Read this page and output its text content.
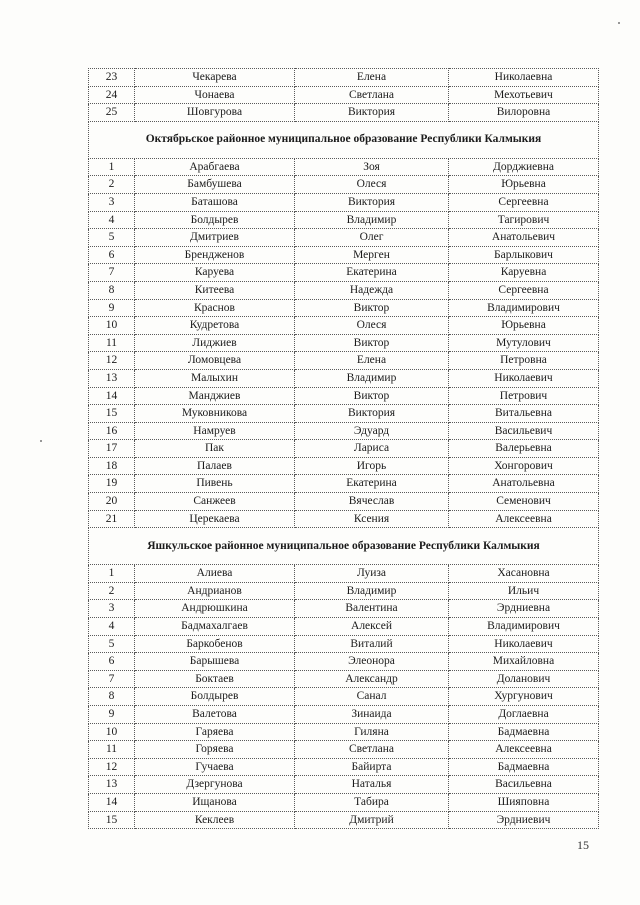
23	Чекарева	Елена	Николаевна
24	Чонаева	Светлана	Мехотьевич
25	Шовгурова	Виктория	Вилоровна
Октябрьское районное муниципальное образование Республики Калмыкия			
1	Арабгаева	Зоя	Дорджиевна
2	Бамбушева	Олеся	Юрьевна
3	Баташова	Виктория	Сергеевна
4	Болдырев	Владимир	Тагирович
5	Дмитриев	Олег	Анатольевич
6	Брендженов	Мерген	Барлыкович
7	Каруева	Екатерина	Каруевна
8	Китеева	Надежда	Сергеевна
9	Краснов	Виктор	Владимирович
10	Кудретова	Олеся	Юрьевна
11	Лиджиев	Виктор	Мутулович
12	Ломовцева	Елена	Петровна
13	Малыхин	Владимир	Николаевич
14	Манджиев	Виктор	Петрович
15	Муковникова	Виктория	Витальевна
16	Намруев	Эдуард	Васильевич
17	Пак	Лариса	Валерьевна
18	Палаев	Игорь	Хонгорович
19	Пивень	Екатерина	Анатольевна
20	Санжеев	Вячеслав	Семенович
21	Церекаева	Ксения	Алексеевна
Яшкульское районное муниципальное образование Республики Калмыкия			
1	Алиева	Луиза	Хасановна
2	Андрианов	Владимир	Ильич
3	Андрюшкина	Валентина	Эрдниевна
4	Бадмахалгаев	Алексей	Владимирович
5	Баркобенов	Виталий	Николаевич
6	Барышева	Элеонора	Михайловна
7	Боктаев	Александр	Доланович
8	Болдырев	Санал	Хургунович
9	Валетова	Зинаида	Доглаевна
10	Гаряева	Гиляна	Бадмаевна
11	Горяева	Светлана	Алексеевна
12	Гучаева	Байирта	Бадмаевна
13	Дзергунова	Наталья	Васильевна
14	Ищанова	Табира	Шияповна
15	Кеклеев	Дмитрий	Эрдниевич
15
